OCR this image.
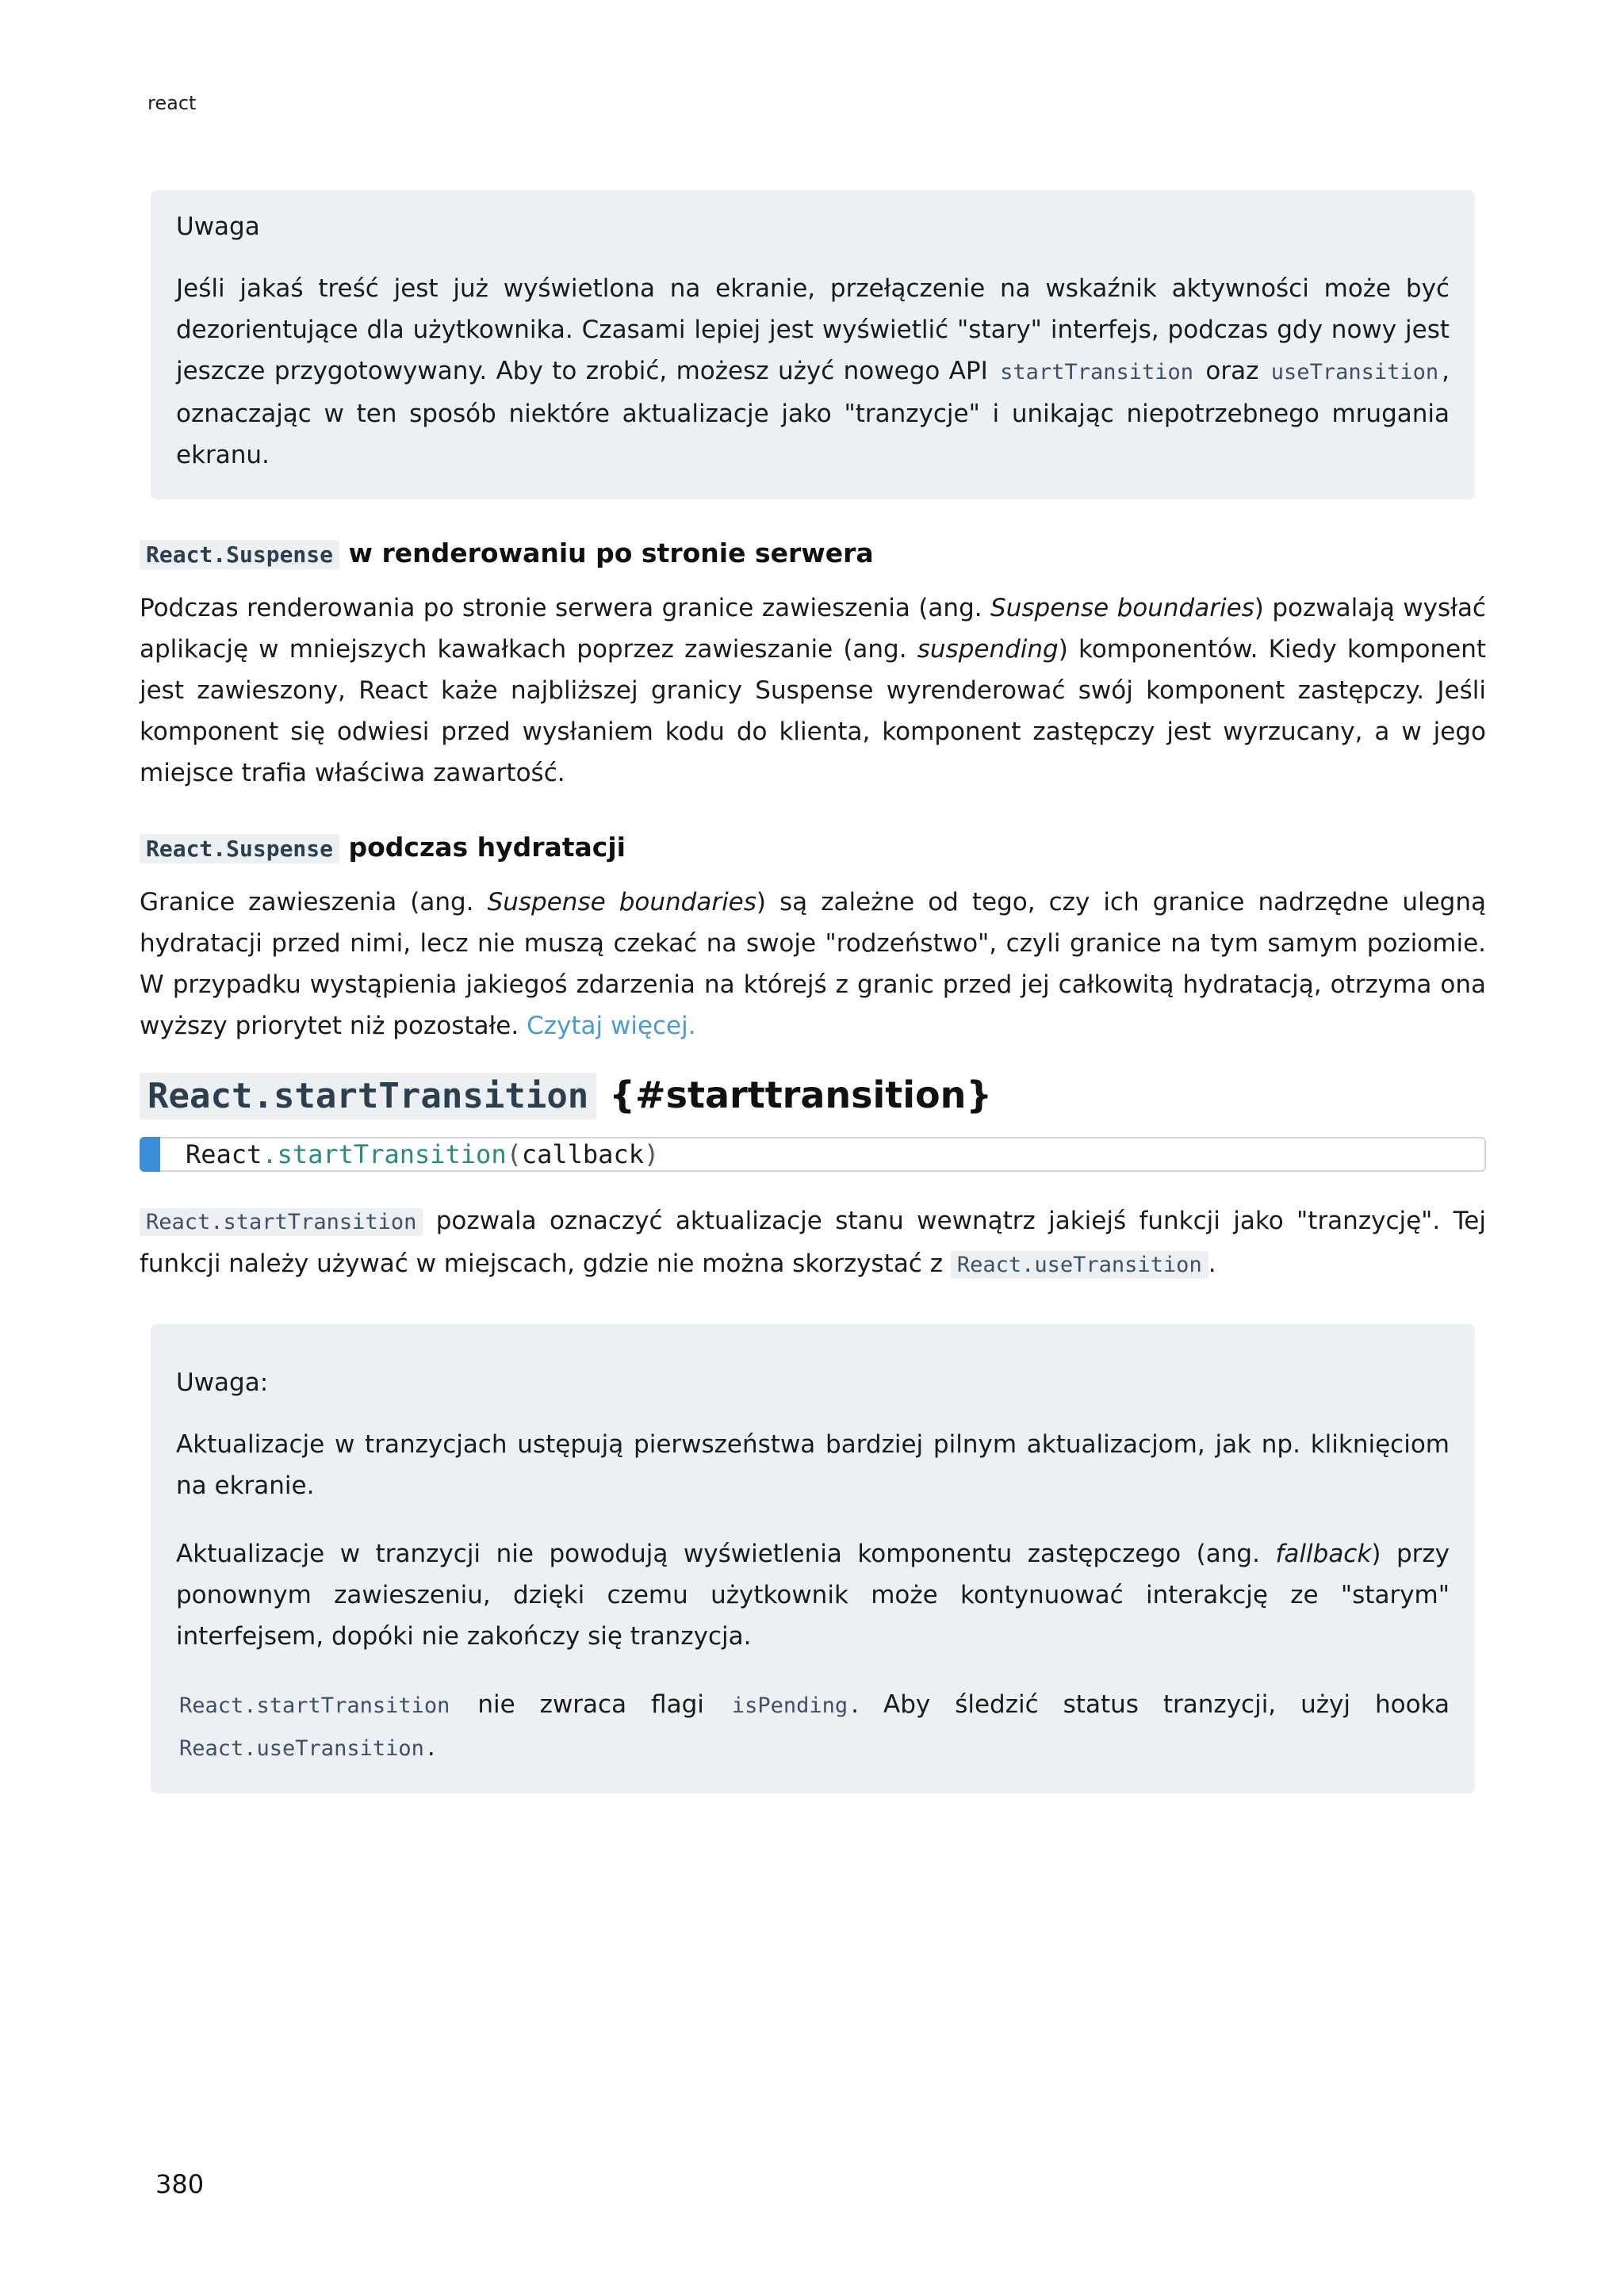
react

Uwaga

Jeśli jakaś treść jest już wyświetlona na ekranie, przełączenie na wskaźnik aktywności może być dezorientujące dla użytkownika. Czasami lepiej jest wyświetlić "stary" interfejs, podczas gdy nowy jest jeszcze przygotowywany. Aby to zrobić, możesz użyć nowego API startTransition oraz useTransition , oznaczając w ten sposób niektóre aktualizacje jako "tranzycje" i unikając niepotrzebnego mrugania ekranu.

React.Suspense w renderowaniu po stronie serwera

Podczas renderowania po stronie serwera granice zawieszenia (ang. Suspense boundaries) pozwalają wysłać aplikację w mniejszych kawałkach poprzez zawieszanie (ang. suspending) komponentów. Kiedy komponent jest zawieszony, React każe najbliższej granicy Suspense wyrenderować swój komponent zastępczy. Jeśli komponent się odwiesi przed wysłaniem kodu do klienta, komponent zastępczy jest wyrzucany, a w jego miejsce trafia właściwa zawartość.

React.Suspense podczas hydratacji

Granice zawieszenia (ang. Suspense boundaries) są zależne od tego, czy ich granice nadrzędne ulegną hydratacji przed nimi, lecz nie muszą czekać na swoje "rodzeństwo", czyli granice na tym samym poziomie. W przypadku wystąpienia jakiegoś zdarzenia na którejś z granic przed jej całkowitą hydratacją, otrzyma ona wyższy priorytet niż pozostałe. Czytaj więcej.

React.startTransition {#starttransition}
React.startTransition(callback)

React.startTransition pozwala oznaczyć aktualizacje stanu wewnątrz jakiejś funkcji jako "tranzycję". Tej funkcji należy używać w miejscach, gdzie nie można skorzystać z React.useTransition .

Uwaga:

Aktualizacje w tranzycjach ustępują pierwszeństwa bardziej pilnym aktualizacjom, jak np. kliknięciom na ekranie.

Aktualizacje w tranzycji nie powodują wyświetlenia komponentu zastępczego (ang. fallback) przy ponownym zawieszeniu, dzięki czemu użytkownik może kontynuować interakcję ze "starym" interfejsem, dopóki nie zakończy się tranzycja.

React.startTransition nie zwraca flagi isPending . Aby śledzić status tranzycji, użyj hooka React.useTransition .

380
